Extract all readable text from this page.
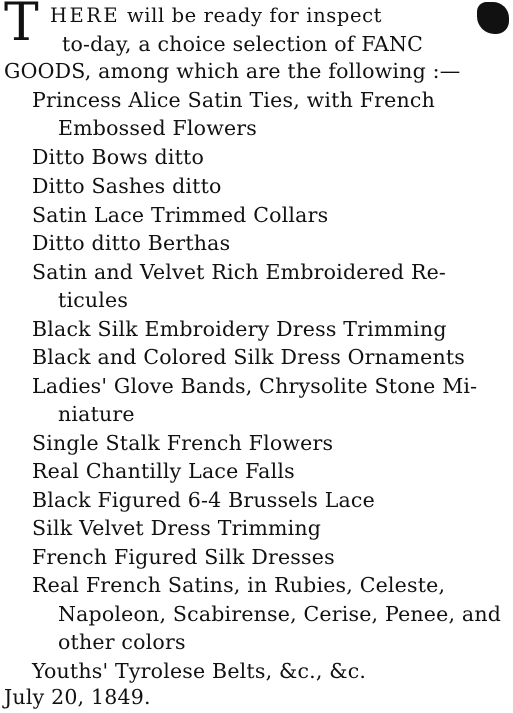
T HERE will be ready for inspect
to-day, a choice selection of FANC
GOODS, among which are the following :—
Princess Alice Satin Ties, with French
Embossed Flowers
Ditto Bows ditto
Ditto Sashes ditto
Satin Lace Trimmed Collars
Ditto ditto Berthas
Satin and Velvet Rich Embroidered Re-
ticules
Black Silk Embroidery Dress Trimming
Black and Colored Silk Dress Ornaments
Ladies' Glove Bands, Chrysolite Stone Mi-
niature
Single Stalk French Flowers
Real Chantilly Lace Falls
Black Figured 6-4 Brussels Lace
Silk Velvet Dress Trimming
French Figured Silk Dresses
Real French Satins, in Rubies, Celeste,
Napoleon, Scabirense, Cerise, Penee, and
other colors
Youths' Tyrolese Belts, &c., &c.
July 20, 1849.
